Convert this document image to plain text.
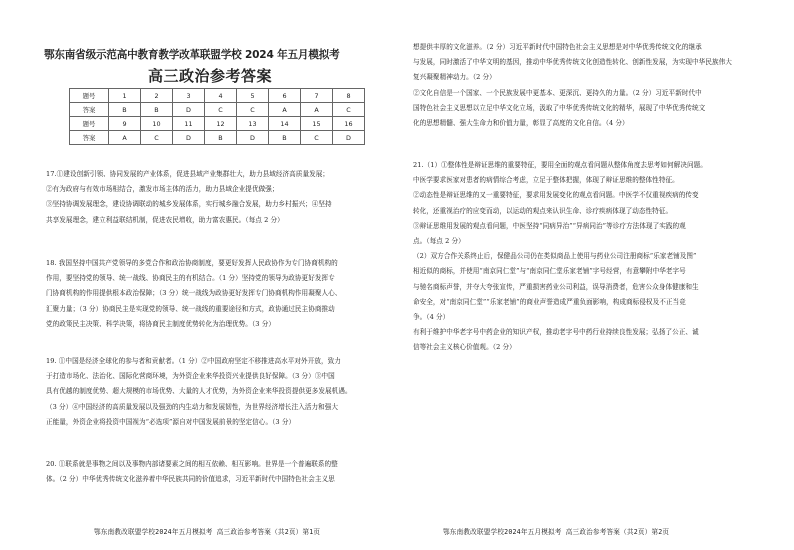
鄂东南省级示范高中教育教学改革联盟学校 2024 年五月模拟考
高三政治参考答案
题号	1	2	3	4	5	6	7	8
答案	B	B	D	C	C	A	A	C
题号	9	10	11	12	13	14	15	16
答案	A	C	D	B	D	B	C	D

17.①建设创新引领、协同发展的产业体系，促进县域产业集群壮大，助力县域经济高质量发展；

②有为政府与有效市场相结合，激发市场主体的活力，助力县域企业提优做强；

③坚持协调发展理念，建设协调联动的城乡发展体系，实行城乡融合发展，助力乡村振兴；④坚持

共享发展理念，建立利益联结机制，促进农民增收，助力富农惠民。（每点 2 分）

18. 我国坚持中国共产党领导的多党合作和政治协商制度，要更好发挥人民政协作为专门协商机构的

作用，要坚持党的领导、统一战线、协商民主的有机结合。（1 分）坚持党的领导为政协更好发挥专

门协商机构的作用提供根本政治保障；（3 分）统一战线为政协更好发挥专门协商机构作用凝聚人心、

汇聚力量；（3 分）协商民主是实现党的领导、统一战线的重要途径和方式，政协通过民主协商推动

党的政策民主决策、科学决策，将协商民主制度优势转化为治理优势。（3 分）

19. ①中国是经济全球化的参与者和贡献者。（1 分）②中国政府坚定不移推进高水平对外开放，致力

于打造市场化、法治化、国际化营商环境，为外资企业来华投资兴业提供良好保障。（3 分）③中国

具有优越的制度优势、超大规模的市场优势、大量的人才优势，为外资企业来华投资提供更多发展机遇。

（3 分）④中国经济的高质量发展以及强劲的内生动力和发展韧性，为世界经济增长注入活力和强大

正能量，外资企业将投资中国视为“必选项”源自对中国发展前景的坚定信心。（3 分）

20. ①联系就是事物之间以及事物内部诸要素之间的相互依赖、相互影响。世界是一个普遍联系的整

体。（2 分）中华优秀传统文化滋养着中华民族共同的价值追求，习近平新时代中国特色社会主义思

鄂东南教改联盟学校2024年五月模拟考 高三政治参考答案（共2页）第1页

想提供丰厚的文化滋养。（2 分）习近平新时代中国特色社会主义思想是对中华优秀传统文化的继承

与发展，同时激活了中华文明的基因，推动中华优秀传统文化创造性转化、创新性发展，为实现中华民族伟大

复兴凝聚精神动力。（2 分）

②文化自信是一个国家、一个民族发展中更基本、更深沉、更持久的力量。（2 分）习近平新时代中

国特色社会主义思想以立足中华文化立场，汲取了中华优秀传统文化的精华，展现了中华优秀传统文

化的思想精髓、强大生命力和价值力量，彰显了高度的文化自信。（4 分）

21.（1）①整体性是辩证思维的重要特征，要用全面的观点看问题从整体角度去思考如何解决问题。

中医学要求医家对患者的病情综合考虑，立足于整体把握，体现了辩证思维的整体性特征。

②动态性是辩证思维的又一重要特征，要求用发展变化的观点看问题。中医学不仅重视疾病的传变

转化，还重视治疗的应变而动，以运动的观点来认识生命、诊疗疾病体现了动态性特征。

③辩证思维用发展的观点看问题，中医坚持“同病异治”“异病同治”等诊疗方法体现了实践的观

点。（每点 2 分）

（2）双方合作关系终止后，保健品公司仍在类似商品上使用与药业公司注册商标“乐家老铺及图”

相近似的商标，并使用“南京同仁堂”与“南京同仁堂乐家老铺”字号经营，有意攀附中华老字号

与驰名商标声誉，并夺大夸张宣传，严重损害药业公司利益，误导消费者，危害公众身体健康和生

命安全，对“南京同仁堂”“乐家老铺”的商业声誉造成严重负面影响，构成商标侵权及不正当竞

争。（4 分）

有利于维护中华老字号中药企业的知识产权，推动老字号中药行业持续良性发展；弘扬了公正、诚

信等社会主义核心价值观。（2 分）

鄂东南教改联盟学校2024年五月模拟考 高三政治参考答案（共2页）第2页
